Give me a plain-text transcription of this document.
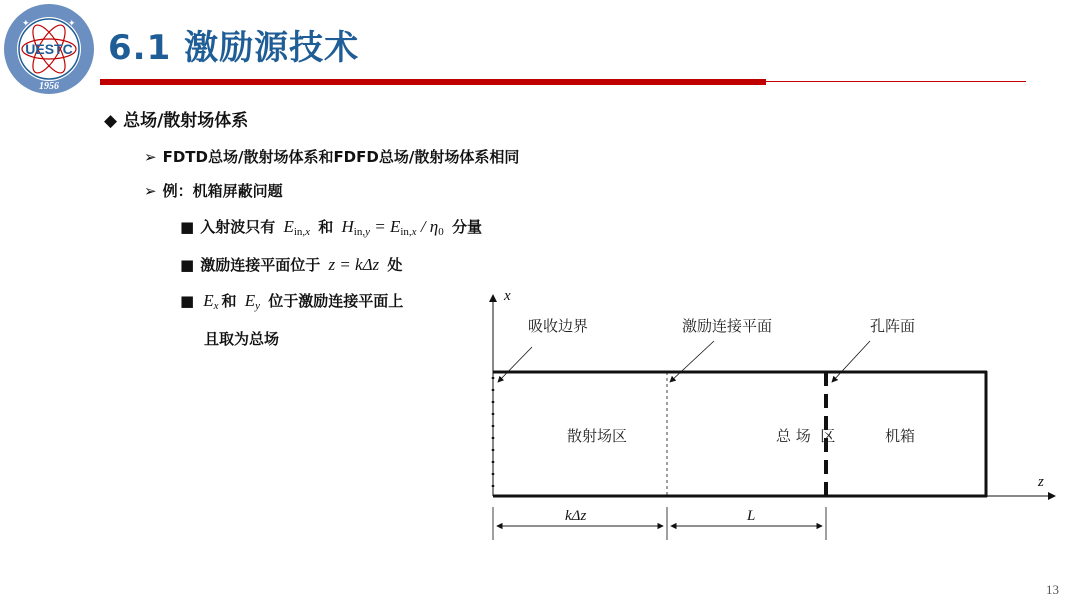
UESTC
1956
✦	✦
6.1 激励源技术
◆ 总场/散射场体系
➢ FDTD总场/散射场体系和FDFD总场/散射场体系相同
➢ 例：机箱屏蔽问题
■ 入射波只有 $E_{in,x}$ 和 $H_{in,y} = E_{in,x} / \eta_0$ 分量
■ 激励连接平面位于 z = kΔz 处
■ $E_x$ 和 $E_y$ 位于激励连接平面上
且取为总场
x
z
吸收边界	激励连接平面	孔阵面
散射场区	总 场  区	机箱
kΔz	L
13
